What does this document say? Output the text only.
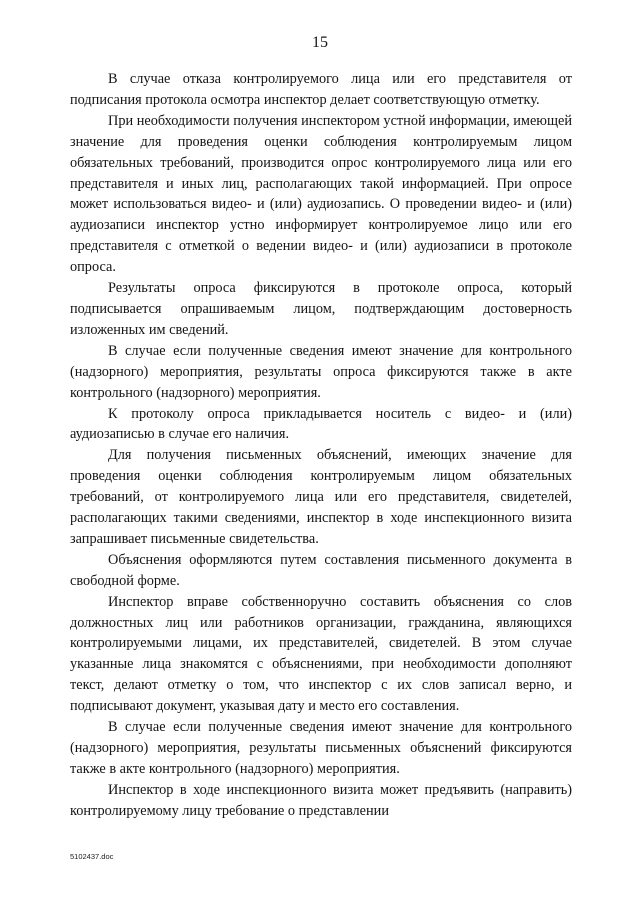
15

В случае отказа контролируемого лица или его представителя от подписания протокола осмотра инспектор делает соответствующую отметку.

При необходимости получения инспектором устной информации, имеющей значение для проведения оценки соблюдения контролируемым лицом обязательных требований, производится опрос контролируемого лица или его представителя и иных лиц, располагающих такой информацией. При опросе может использоваться видео- и (или) аудиозапись. О проведении видео- и (или) аудиозаписи инспектор устно информирует контролируемое лицо или его представителя с отметкой о ведении видео- и (или) аудиозаписи в протоколе опроса.

Результаты опроса фиксируются в протоколе опроса, который подписывается опрашиваемым лицом, подтверждающим достоверность изложенных им сведений.

В случае если полученные сведения имеют значение для контрольного (надзорного) мероприятия, результаты опроса фиксируются также в акте контрольного (надзорного) мероприятия.

К протоколу опроса прикладывается носитель с видео- и (или) аудиозаписью в случае его наличия.

Для получения письменных объяснений, имеющих значение для проведения оценки соблюдения контролируемым лицом обязательных требований, от контролируемого лица или его представителя, свидетелей, располагающих такими сведениями, инспектор в ходе инспекционного визита запрашивает письменные свидетельства.

Объяснения оформляются путем составления письменного документа в свободной форме.

Инспектор вправе собственноручно составить объяснения со слов должностных лиц или работников организации, гражданина, являющихся контролируемыми лицами, их представителей, свидетелей. В этом случае указанные лица знакомятся с объяснениями, при необходимости дополняют текст, делают отметку о том, что инспектор с их слов записал верно, и подписывают документ, указывая дату и место его составления.

В случае если полученные сведения имеют значение для контрольного (надзорного) мероприятия, результаты письменных объяснений фиксируются также в акте контрольного (надзорного) мероприятия.

Инспектор в ходе инспекционного визита может предъявить (направить) контролируемому лицу требование о представлении

5102437.doc
